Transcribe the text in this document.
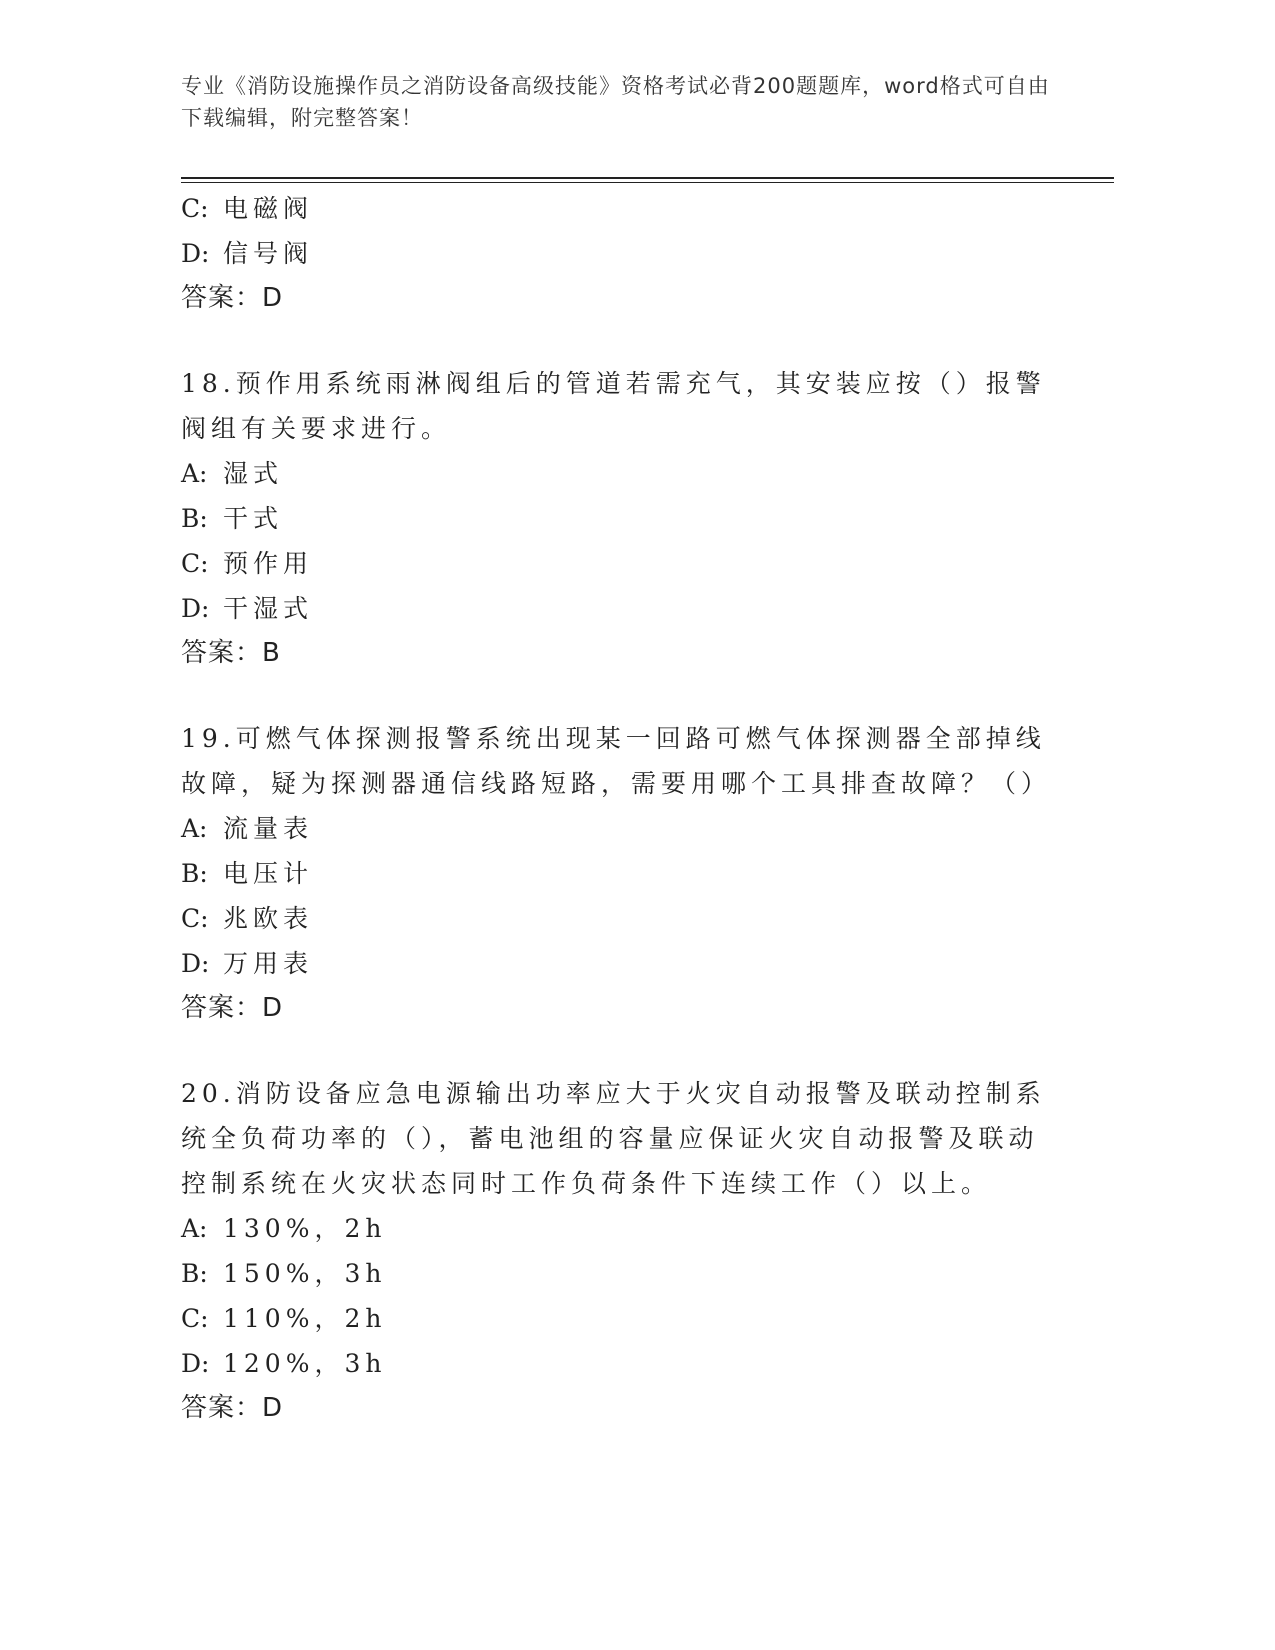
专业《消防设施操作员之消防设备高级技能》资格考试必背200题题库，word格式可自由下载编辑，附完整答案！
C: 电磁阀
D: 信号阀
答案：D
18.预作用系统雨淋阀组后的管道若需充气，其安装应按（）报警阀组有关要求进行。
A: 湿式
B: 干式
C: 预作用
D: 干湿式
答案：B
19.可燃气体探测报警系统出现某一回路可燃气体探测器全部掉线故障，疑为探测器通信线路短路，需要用哪个工具排查故障？（）
A: 流量表
B: 电压计
C: 兆欧表
D: 万用表
答案：D
20.消防设备应急电源输出功率应大于火灾自动报警及联动控制系统全负荷功率的（），蓄电池组的容量应保证火灾自动报警及联动控制系统在火灾状态同时工作负荷条件下连续工作（）以上。
A: 130%，2h
B: 150%，3h
C: 110%，2h
D: 120%，3h
答案：D
